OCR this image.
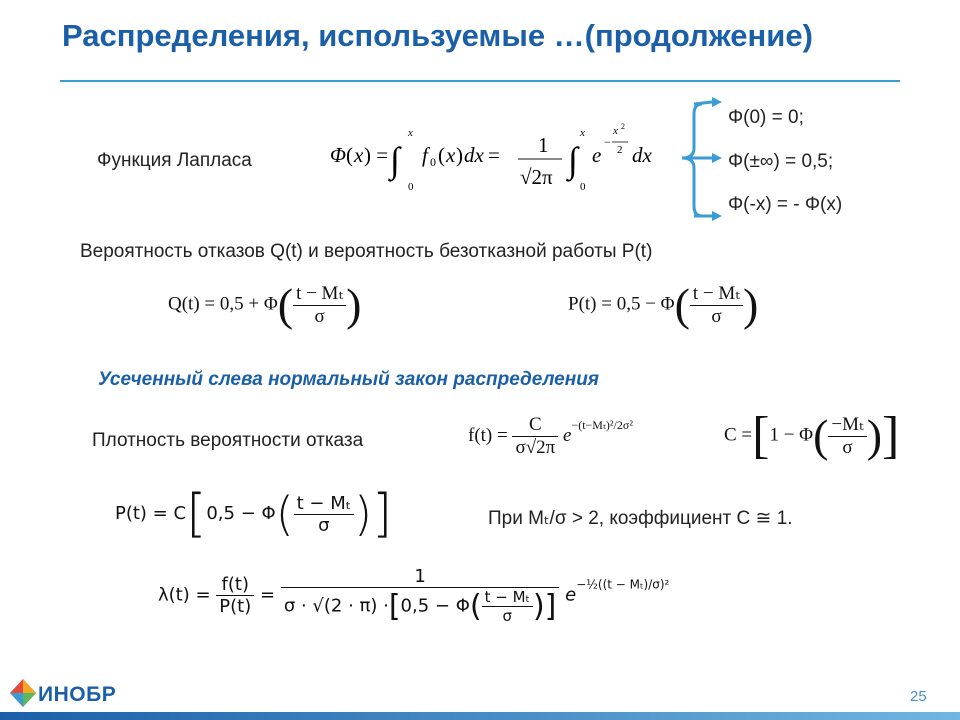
Распределения, используемые …(продолжение)
Функция Лапласа	Φ ( x ) = ∫
x
0
f 0 ( x ) dx = 1
√2π ∫
x
0
e
−
x 2
2 dx
Φ(0) = 0;
Φ(±∞) = 0,5;
Φ(-x) = - Φ(x)
Вероятность отказов Q(t) и вероятность безотказной работы P(t)
$Q(t) = 0,5 + \Phi( \frac{\text{t − Mₜ}}{\sigma}$ )	$P(t) = 0,5 - \Phi( \frac{\text{t − Mₜ}}{\sigma}$ )
Усеченный слева нормальный закон распределения
Плотность вероятности отказа	$f(t) = \frac{C}{\sigma√2\pi} e^{-(t-M_t)^2/2\sigma^2}$	$C =[1 - \Phi( \frac{\text{−Mₜ}}{\sigma}$ )]
$P(t) = C[0,5 - \Phi( \frac{\text{t − Mₜ}}{\sigma}$ )]	При Mₜ/σ > 2, коэффициент С ≅ 1.
$\lambda(t) = \frac{f(t)}{P(t)} = \frac{1}{\sigma \cdot √(2 \cdot \pi) \cdot[0,5 - \Phi( \frac{\text{t − Mₜ}}{\sigma} )]} e^{-\frac{1}{2}((t - M_t)/\sigma)^2}$
ИНОБР	25
